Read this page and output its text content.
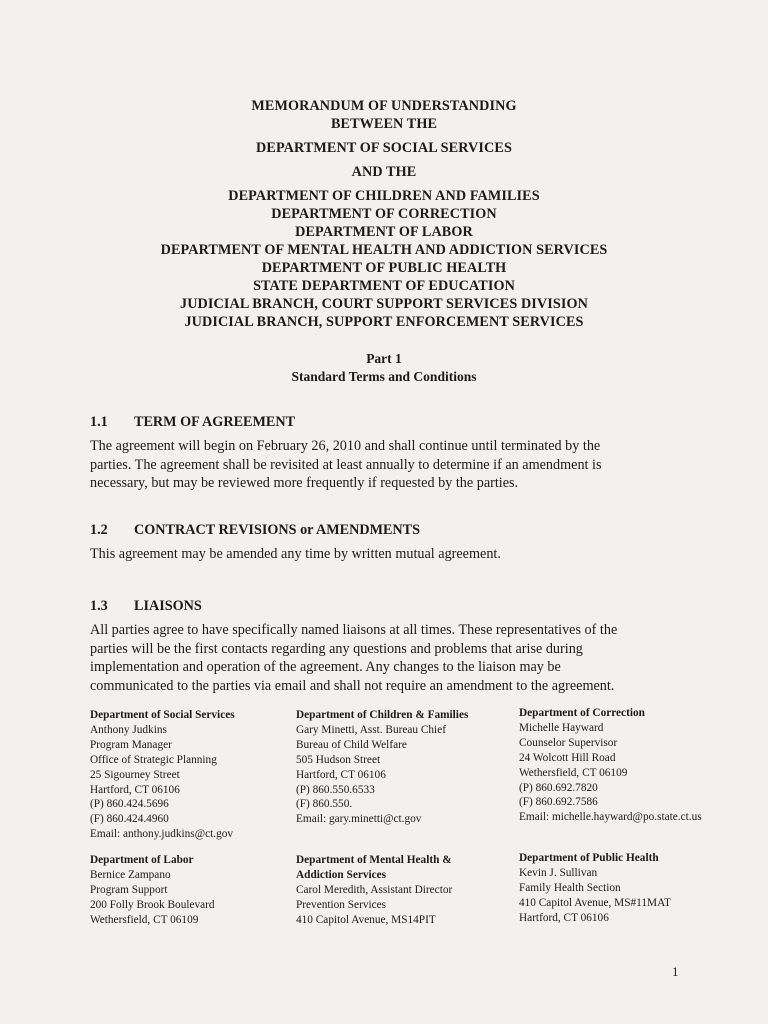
MEMORANDUM OF UNDERSTANDING
BETWEEN THE
DEPARTMENT OF SOCIAL SERVICES
AND THE
DEPARTMENT OF CHILDREN AND FAMILIES
DEPARTMENT OF CORRECTION
DEPARTMENT OF LABOR
DEPARTMENT OF MENTAL HEALTH AND ADDICTION SERVICES
DEPARTMENT OF PUBLIC HEALTH
STATE DEPARTMENT OF EDUCATION
JUDICIAL BRANCH, COURT SUPPORT SERVICES DIVISION
JUDICIAL BRANCH, SUPPORT ENFORCEMENT SERVICES
Part 1
Standard Terms and Conditions
1.1	TERM OF AGREEMENT
The agreement will begin on February 26, 2010 and shall continue until terminated by the
parties. The agreement shall be revisited at least annually to determine if an amendment is
necessary, but may be reviewed more frequently if requested by the parties.
1.2	CONTRACT REVISIONS or AMENDMENTS
This agreement may be amended any time by written mutual agreement.
1.3	LIAISONS
All parties agree to have specifically named liaisons at all times. These representatives of the
parties will be the first contacts regarding any questions and problems that arise during
implementation and operation of the agreement. Any changes to the liaison may be
communicated to the parties via email and shall not require an amendment to the agreement.
Department of Social Services
Anthony Judkins
Program Manager
Office of Strategic Planning
25 Sigourney Street
Hartford, CT 06106
(P) 860.424.5696
(F) 860.424.4960
Email: anthony.judkins@ct.gov
Department of Children & Families
Gary Minetti, Asst. Bureau Chief
Bureau of Child Welfare
505 Hudson Street
Hartford, CT 06106
(P) 860.550.6533
(F) 860.550.
Email: gary.minetti@ct.gov
Department of Correction
Michelle Hayward
Counselor Supervisor
24 Wolcott Hill Road
Wethersfield, CT 06109
(P) 860.692.7820
(F) 860.692.7586
Email: michelle.hayward@po.state.ct.us
Department of Labor
Bernice Zampano
Program Support
200 Folly Brook Boulevard
Wethersfield, CT 06109
Department of Mental Health &
Addiction Services
Carol Meredith, Assistant Director
Prevention Services
410 Capitol Avenue, MS14PIT
Department of Public Health
Kevin J. Sullivan
Family Health Section
410 Capitol Avenue, MS#11MAT
Hartford, CT 06106
1
